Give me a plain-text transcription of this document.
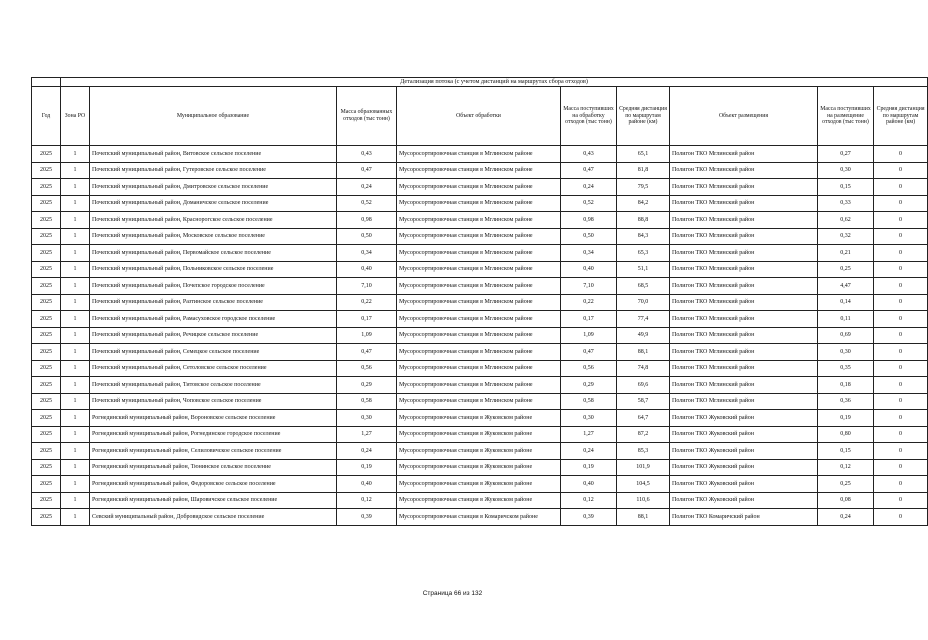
	Детализация потока (с учетом дистанций на маршрутах сбора отходов)								
Год	Зона РО	Муниципальное образование	Масса образованных отходов (тыс тонн)	Объект обработки	Масса поступивших на обработку отходов (тыс тонн)	Средняя дистанция по маршрутам районе (км)	Объект размещения	Масса поступивших на размещение отходов (тыс тонн)	Средняя дистанция по маршрутам районе (км)
2025	1	Почепский муниципальный район, Витовское сельское поселение	0,43	Мусоросортировочная станция в Мглинском районе	0,43	65,1	Полигон ТКО Мглинский район	0,27	0
2025	1	Почепский муниципальный район, Гутеровское сельское поселение	0,47	Мусоросортировочная станция в Мглинском районе	0,47	81,8	Полигон ТКО Мглинский район	0,30	0
2025	1	Почепский муниципальный район, Дмитровское сельское поселение	0,24	Мусоросортировочная станция в Мглинском районе	0,24	79,5	Полигон ТКО Мглинский район	0,15	0
2025	1	Почепский муниципальный район, Доманичское сельское поселение	0,52	Мусоросортировочная станция в Мглинском районе	0,52	84,2	Полигон ТКО Мглинский район	0,33	0
2025	1	Почепский муниципальный район, Краснорогское сельское поселение	0,98	Мусоросортировочная станция в Мглинском районе	0,98	88,8	Полигон ТКО Мглинский район	0,62	0
2025	1	Почепский муниципальный район, Московское сельское поселение	0,50	Мусоросортировочная станция в Мглинском районе	0,50	84,3	Полигон ТКО Мглинский район	0,32	0
2025	1	Почепский муниципальный район, Первомайское сельское поселение	0,34	Мусоросортировочная станция в Мглинском районе	0,34	65,3	Полигон ТКО Мглинский район	0,21	0
2025	1	Почепский муниципальный район, Польниковское сельское поселение	0,40	Мусоросортировочная станция в Мглинском районе	0,40	51,1	Полигон ТКО Мглинский район	0,25	0
2025	1	Почепский муниципальный район, Почепское городское поселение	7,10	Мусоросортировочная станция в Мглинском районе	7,10	68,5	Полигон ТКО Мглинский район	4,47	0
2025	1	Почепский муниципальный район, Разтинское сельское поселение	0,22	Мусоросортировочная станция в Мглинском районе	0,22	70,0	Полигон ТКО Мглинский район	0,14	0
2025	1	Почепский муниципальный район, Рамасуховское городское поселение	0,17	Мусоросортировочная станция в Мглинском районе	0,17	77,4	Полигон ТКО Мглинский район	0,11	0
2025	1	Почепский муниципальный район, Речицкое сельское поселение	1,09	Мусоросортировочная станция в Мглинском районе	1,09	49,9	Полигон ТКО Мглинский район	0,69	0
2025	1	Почепский муниципальный район, Семецкое сельское поселение	0,47	Мусоросортировочная станция в Мглинском районе	0,47	88,1	Полигон ТКО Мглинский район	0,30	0
2025	1	Почепский муниципальный район, Сетоловское сельское поселение	0,56	Мусоросортировочная станция в Мглинском районе	0,56	74,8	Полигон ТКО Мглинский район	0,35	0
2025	1	Почепский муниципальный район, Титовское сельское поселение	0,29	Мусоросортировочная станция в Мглинском районе	0,29	69,6	Полигон ТКО Мглинский район	0,18	0
2025	1	Почепский муниципальный район, Чоповское сельское поселение	0,58	Мусоросортировочная станция в Мглинском районе	0,58	58,7	Полигон ТКО Мглинский район	0,36	0
2025	1	Рогнединский муниципальный район, Вороновское сельское поселение	0,30	Мусоросортировочная станция в Жуковском районе	0,30	64,7	Полигон ТКО Жуковский район	0,19	0
2025	1	Рогнединский муниципальный район, Рогнединское городское поселение	1,27	Мусоросортировочная станция в Жуковском районе	1,27	87,2	Полигон ТКО Жуковский район	0,80	0
2025	1	Рогнединский муниципальный район, Селиловичское сельское поселение	0,24	Мусоросортировочная станция в Жуковском районе	0,24	85,3	Полигон ТКО Жуковский район	0,15	0
2025	1	Рогнединский муниципальный район, Тюнинское сельское поселение	0,19	Мусоросортировочная станция в Жуковском районе	0,19	101,9	Полигон ТКО Жуковский район	0,12	0
2025	1	Рогнединский муниципальный район, Федоровское сельское поселение	0,40	Мусоросортировочная станция в Жуковском районе	0,40	104,5	Полигон ТКО Жуковский район	0,25	0
2025	1	Рогнединский муниципальный район, Шаровичское сельское поселение	0,12	Мусоросортировочная станция в Жуковском районе	0,12	110,6	Полигон ТКО Жуковский район	0,08	0
2025	1	Севский муниципальный район, Добровидское сельское поселение	0,39	Мусоросортировочная станция в Комаричском районе	0,39	88,1	Полигон ТКО Комаричский район	0,24	0
Страница 66 из 132
